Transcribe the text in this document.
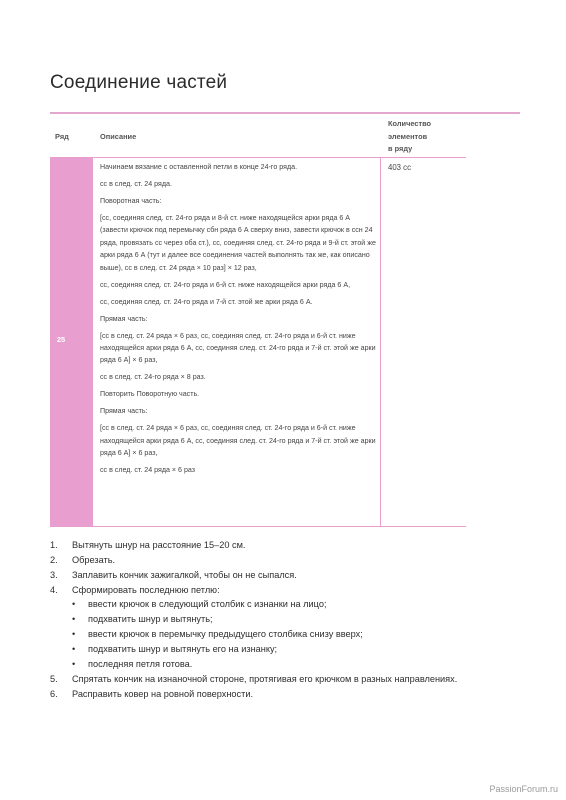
Соединение частей
Ряд	Описание
Количество
элементов
в ряду
25
403 сс

Начинаем вязание с оставленной петли в конце 24-го ряда.

сс в след. ст. 24 ряда.

Поворотная часть:

[сс, соединяя след. ст. 24-го ряда и 8-й ст. ниже находящейся арки ряда 6 А (завести крючок под перемычку сбн ряда 6 А сверху вниз, завести крючок в ссн 24 ряда, провязать сс через оба ст.), сс, соединяя след. ст. 24-го ряда и 9-й ст. этой же арки ряда 6 А (тут и далее все соединения частей выполнять так же, как описано выше), сс в след. ст. 24 ряда × 10 раз] × 12 раз,

сс, соединяя след. ст. 24-го ряда и 6-й ст. ниже находящейся арки ряда 6 А,

сс, соединяя след. ст. 24-го ряда и 7-й ст. этой же арки ряда 6 А.

Прямая часть:

[сс в след. ст. 24 ряда × 6 раз, сс, соединяя след. ст. 24-го ряда и 6-й ст. ниже находящейся арки ряда 6 А, сс, соединяя след. ст. 24-го ряда и 7-й ст. этой же арки ряда 6 А] × 6 раз,

сс в след. ст. 24-го ряда × 8 раз.

Повторить Поворотную часть.

Прямая часть:

[сс в след. ст. 24 ряда × 6 раз, сс, соединяя след. ст. 24-го ряда и 6-й ст. ниже находящейся арки ряда 6 А, сс, соединяя след. ст. 24-го ряда и 7-й ст. этой же арки ряда 6 А] × 6 раз,

сс в след. ст. 24 ряда × 6 раз

1. Вытянуть шнур на расстояние 15–20 см.
2. Обрезать.
3. Заплавить кончик зажигалкой, чтобы он не сыпался.
4. Сформировать последнюю петлю:
• ввести крючок в следующий столбик с изнанки на лицо;
• подхватить шнур и вытянуть;
• ввести крючок в перемычку предыдущего столбика снизу вверх;
• подхватить шнур и вытянуть его на изнанку;
• последняя петля готова.
5. Спрятать кончик на изнаночной стороне, протягивая его крючком в разных направлениях.
6. Расправить ковер на ровной поверхности.
PassionForum.ru
